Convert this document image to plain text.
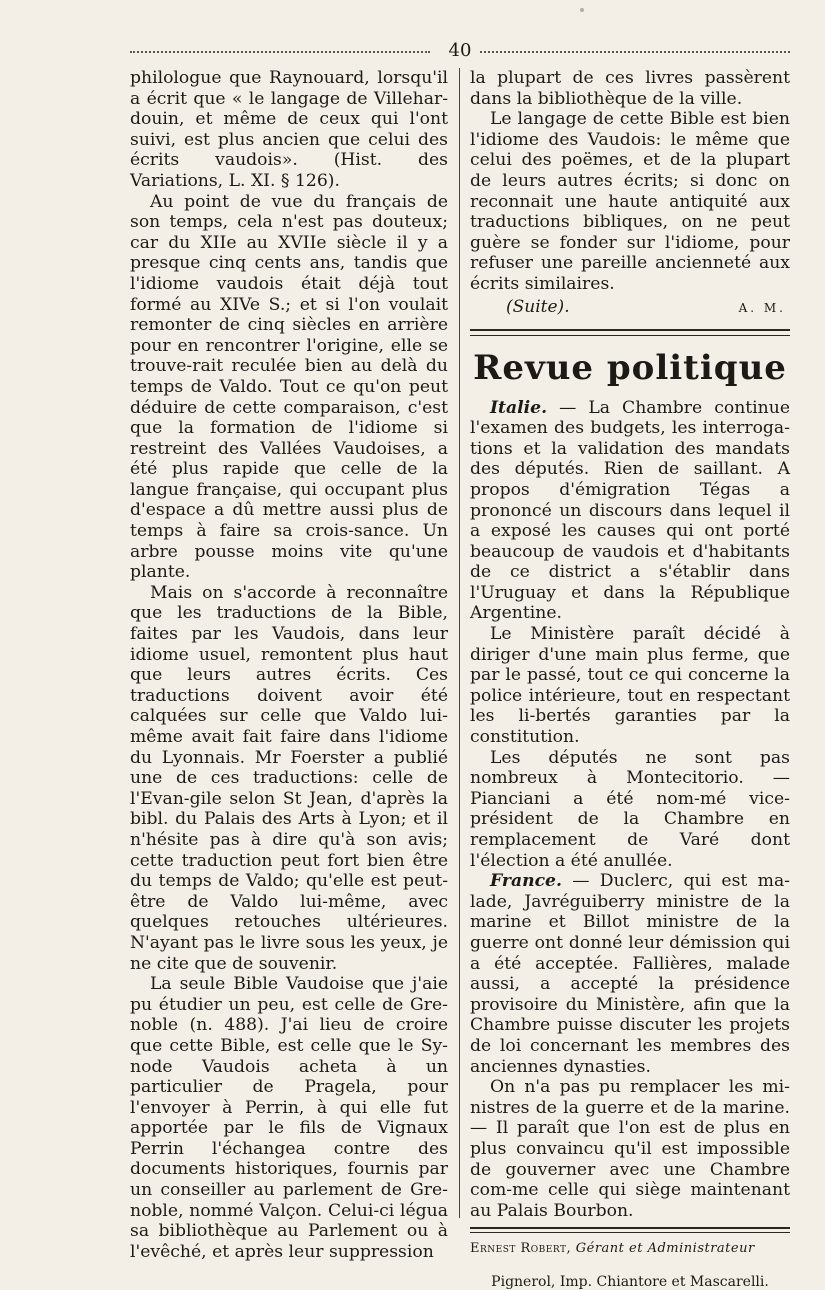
40

philologue que Raynouard, lorsqu'il a écrit que « le langage de Villehar-douin, et même de ceux qui l'ont suivi, est plus ancien que celui des écrits vaudois». (Hist. des Variations, L. XI. § 126).

Au point de vue du français de son temps, cela n'est pas douteux; car du XIIe au XVIIe siècle il y a presque cinq cents ans, tandis que l'idiome vaudois était déjà tout formé au XIVe S.; et si l'on voulait remonter de cinq siècles en arrière pour en rencontrer l'origine, elle se trouve-rait reculée bien au delà du temps de Valdo. Tout ce qu'on peut déduire de cette comparaison, c'est que la formation de l'idiome si restreint des Vallées Vaudoises, a été plus rapide que celle de la langue française, qui occupant plus d'espace a dû mettre aussi plus de temps à faire sa crois-sance. Un arbre pousse moins vite qu'une plante.

Mais on s'accorde à reconnaître que les traductions de la Bible, faites par les Vaudois, dans leur idiome usuel, remontent plus haut que leurs autres écrits. Ces traductions doivent avoir été calquées sur celle que Valdo lui-même avait fait faire dans l'idiome du Lyonnais. Mr Foerster a publié une de ces traductions: celle de l'Evan-gile selon St Jean, d'après la bibl. du Palais des Arts à Lyon; et il n'hésite pas à dire qu'à son avis; cette traduction peut fort bien être du temps de Valdo; qu'elle est peut-être de Valdo lui-même, avec quelques retouches ultérieures. N'ayant pas le livre sous les yeux, je ne cite que de souvenir.

La seule Bible Vaudoise que j'aie pu étudier un peu, est celle de Gre-noble (n. 488). J'ai lieu de croire que cette Bible, est celle que le Sy-node Vaudois acheta à un particulier de Pragela, pour l'envoyer à Perrin, à qui elle fut apportée par le fils de Vignaux Perrin l'échangea contre des documents historiques, fournis par un conseiller au parlement de Gre-noble, nommé Valçon. Celui-ci légua sa bibliothèque au Parlement ou à l'evêché, et après leur suppression

la plupart de ces livres passèrent dans la bibliothèque de la ville.

Le langage de cette Bible est bien l'idiome des Vaudois: le même que celui des poëmes, et de la plupart de leurs autres écrits; si donc on reconnait une haute antiquité aux traductions bibliques, on ne peut guère se fonder sur l'idiome, pour refuser une pareille ancienneté aux écrits similaires.

(Suite).	A. M.
Revue politique

Italie. — La Chambre continue l'examen des budgets, les interroga-tions et la validation des mandats des députés. Rien de saillant. A propos d'émigration Tégas a prononcé un discours dans lequel il a exposé les causes qui ont porté beaucoup de vaudois et d'habitants de ce district a s'établir dans l'Uruguay et dans la République Argentine.

Le Ministère paraît décidé à diriger d'une main plus ferme, que par le passé, tout ce qui concerne la police intérieure, tout en respectant les li-bertés garanties par la constitution.

Les députés ne sont pas nombreux à Montecitorio. — Pianciani a été nom-mé vice-président de la Chambre en remplacement de Varé dont l'élection a été anullée.

France. — Duclerc, qui est ma-lade, Javréguiberry ministre de la marine et Billot ministre de la guerre ont donné leur démission qui a été acceptée. Fallières, malade aussi, a accepté la présidence provisoire du Ministère, afin que la Chambre puisse discuter les projets de loi concernant les membres des anciennes dynasties.

On n'a pas pu remplacer les mi-nistres de la guerre et de la marine. — Il paraît que l'on est de plus en plus convaincu qu'il est impossible de gouverner avec une Chambre com-me celle qui siège maintenant au Palais Bourbon.

Ernest Robert, Gérant et Administrateur
Pignerol, Imp. Chiantore et Mascarelli.
